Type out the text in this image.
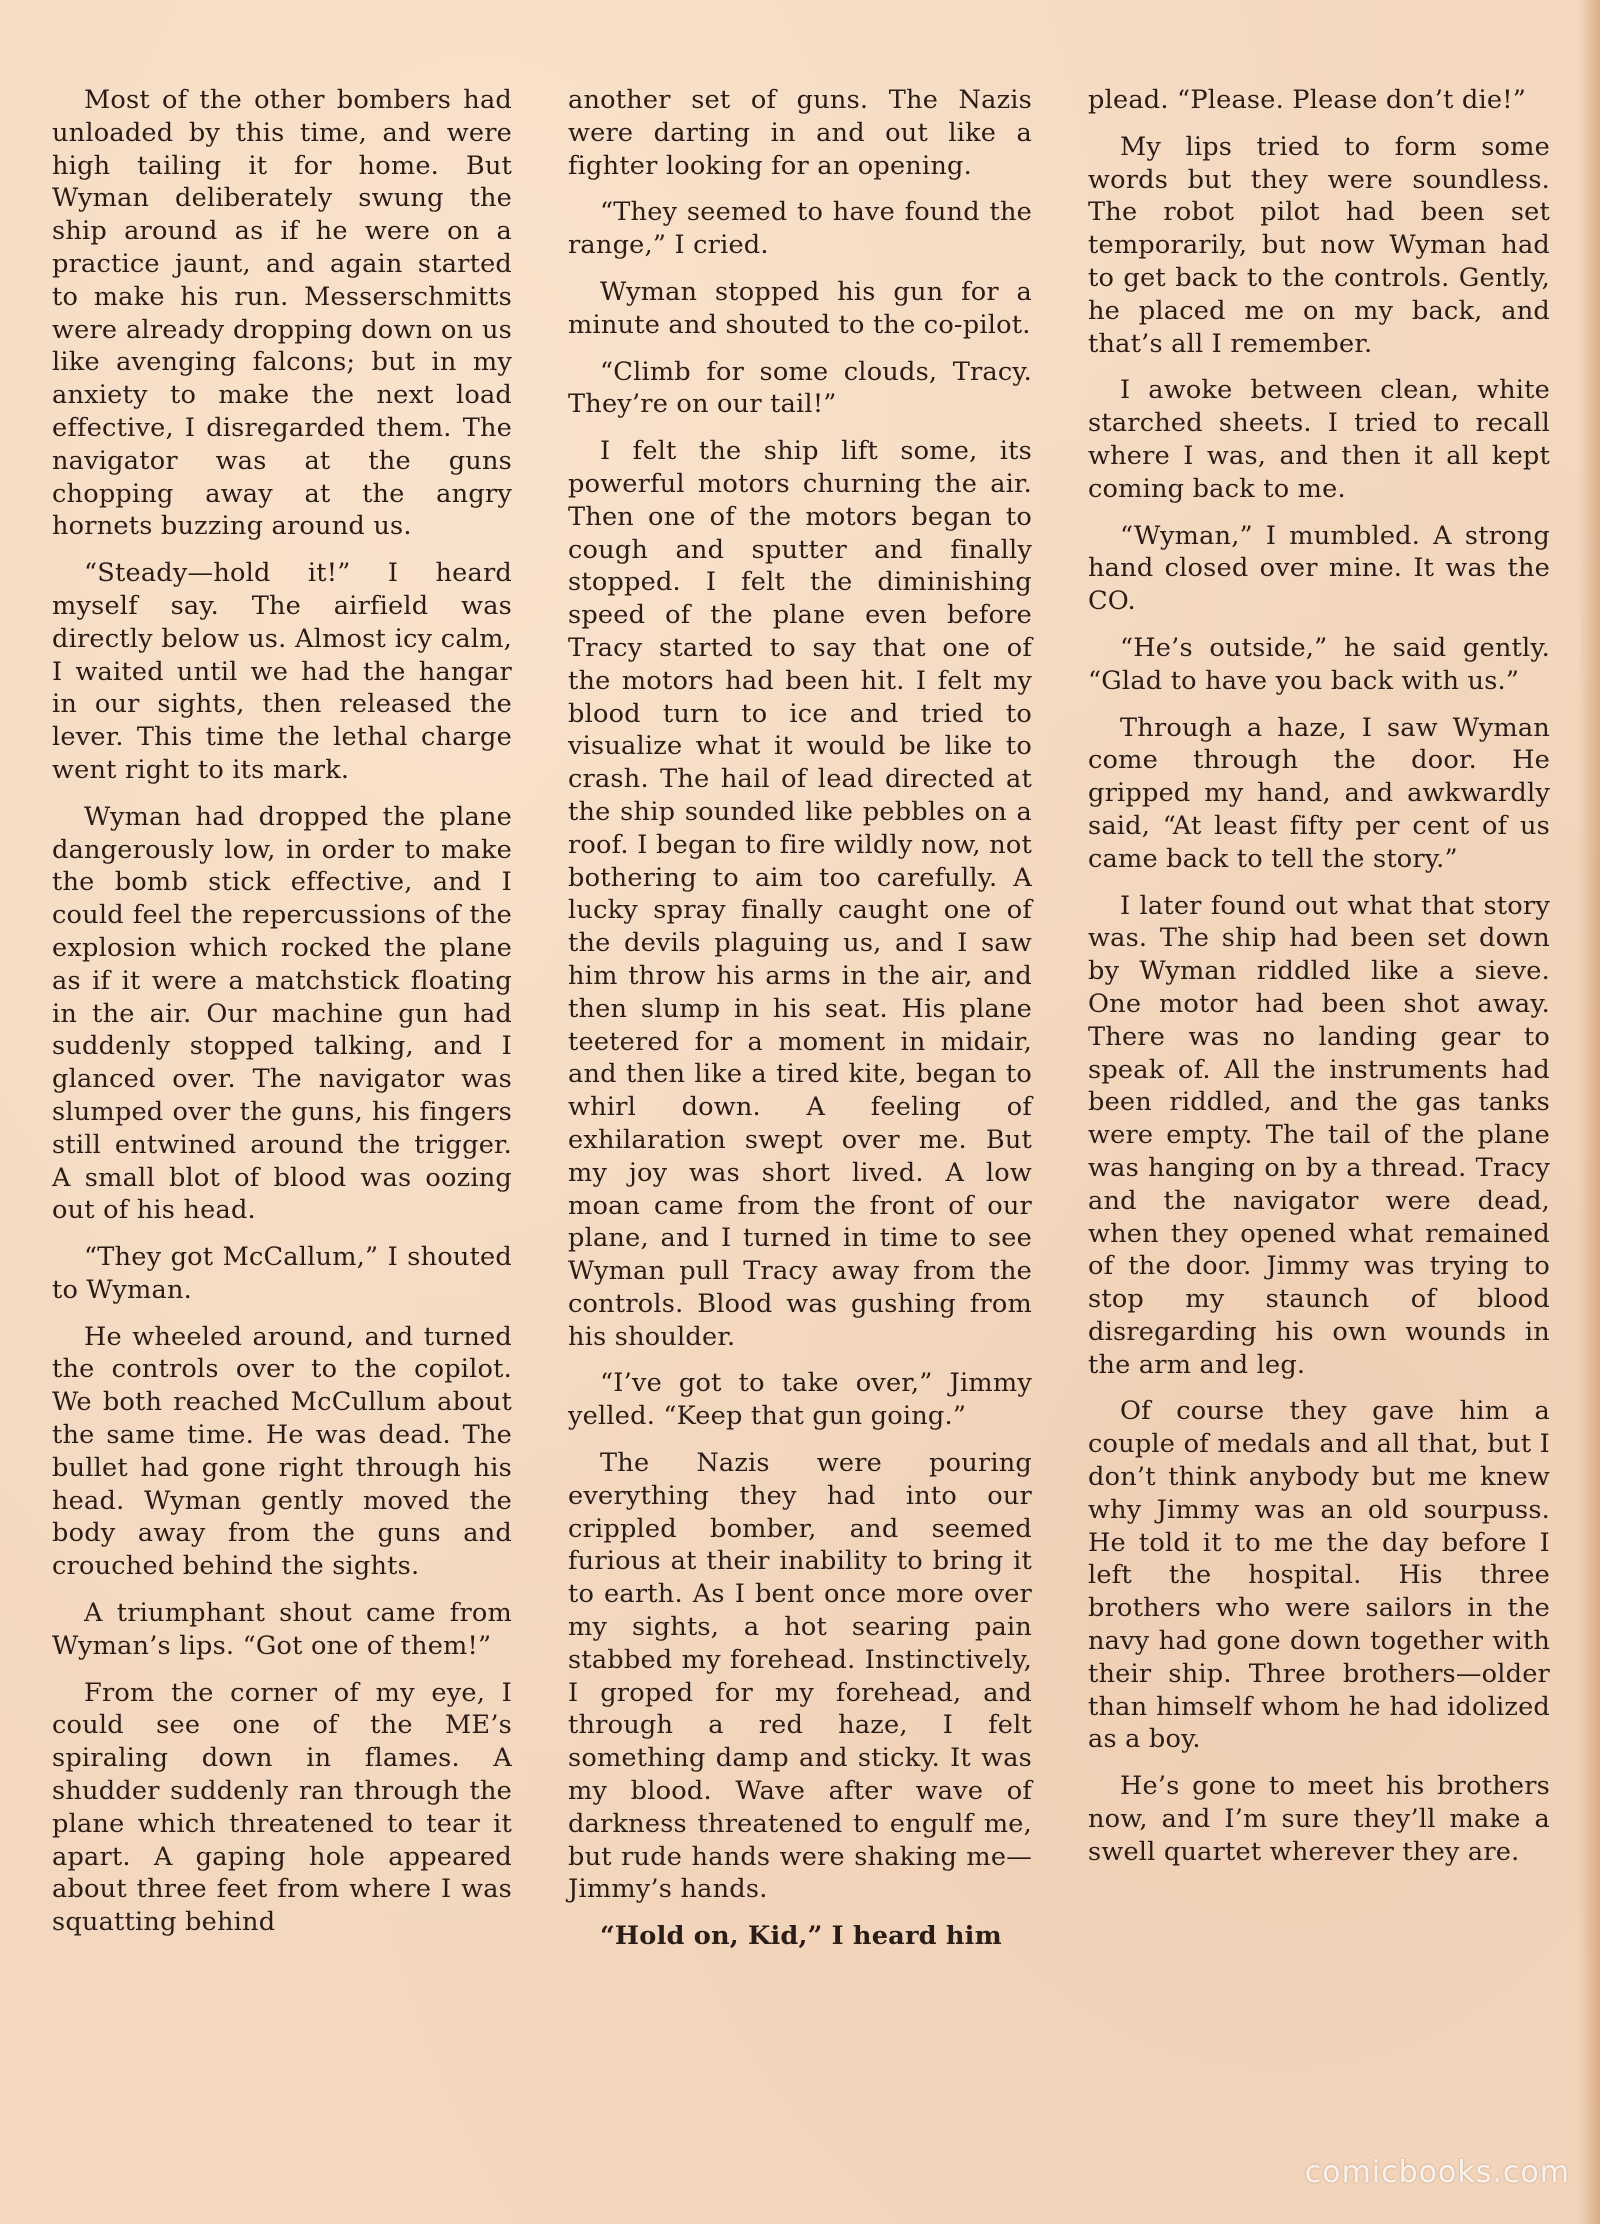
Most of the other bombers had unloaded by this time, and were high tailing it for home. But Wyman deliberately swung the ship around as if he were on a practice jaunt, and again started to make his run. Messerschmitts were already dropping down on us like avenging falcons; but in my anxiety to make the next load effective, I disregarded them. The navigator was at the guns chopping away at the angry hornets buzzing around us.

“Steady—hold it!” I heard myself say. The airfield was directly below us. Almost icy calm, I waited until we had the hangar in our sights, then released the lever. This time the lethal charge went right to its mark.

Wyman had dropped the plane dangerously low, in order to make the bomb stick effective, and I could feel the repercussions of the explosion which rocked the plane as if it were a matchstick floating in the air. Our machine gun had suddenly stopped talking, and I glanced over. The navigator was slumped over the guns, his fingers still entwined around the trigger. A small blot of blood was oozing out of his head.

“They got McCallum,” I shouted to Wyman.

He wheeled around, and turned the controls over to the copilot. We both reached McCullum about the same time. He was dead. The bullet had gone right through his head. Wyman gently moved the body away from the guns and crouched behind the sights.

A triumphant shout came from Wyman’s lips. “Got one of them!”

From the corner of my eye, I could see one of the ME’s spiraling down in flames. A shudder suddenly ran through the plane which threatened to tear it apart. A gaping hole appeared about three feet from where I was squatting behind

another set of guns. The Nazis were darting in and out like a fighter looking for an opening.

“They seemed to have found the range,” I cried.

Wyman stopped his gun for a minute and shouted to the co-pilot.

“Climb for some clouds, Tracy. They’re on our tail!”

I felt the ship lift some, its powerful motors churning the air. Then one of the motors began to cough and sputter and finally stopped. I felt the diminishing speed of the plane even before Tracy started to say that one of the motors had been hit. I felt my blood turn to ice and tried to visualize what it would be like to crash. The hail of lead directed at the ship sounded like pebbles on a roof. I began to fire wildly now, not bothering to aim too carefully. A lucky spray finally caught one of the devils plaguing us, and I saw him throw his arms in the air, and then slump in his seat. His plane teetered for a moment in midair, and then like a tired kite, began to whirl down. A feeling of exhilaration swept over me. But my joy was short lived. A low moan came from the front of our plane, and I turned in time to see Wyman pull Tracy away from the controls. Blood was gushing from his shoulder.

“I’ve got to take over,” Jimmy yelled. “Keep that gun going.”

The Nazis were pouring everything they had into our crippled bomber, and seemed furious at their inability to bring it to earth. As I bent once more over my sights, a hot searing pain stabbed my forehead. Instinctively, I groped for my forehead, and through a red haze, I felt something damp and sticky. It was my blood. Wave after wave of darkness threatened to engulf me, but rude hands were shaking me—Jimmy’s hands.

“Hold on, Kid,” I heard him

plead. “Please. Please don’t die!”

My lips tried to form some words but they were soundless. The robot pilot had been set temporarily, but now Wyman had to get back to the controls. Gently, he placed me on my back, and that’s all I remember.

I awoke between clean, white starched sheets. I tried to recall where I was, and then it all kept coming back to me.

“Wyman,” I mumbled. A strong hand closed over mine. It was the CO.

“He’s outside,” he said gently. “Glad to have you back with us.”

Through a haze, I saw Wyman come through the door. He gripped my hand, and awkwardly said, “At least fifty per cent of us came back to tell the story.”

I later found out what that story was. The ship had been set down by Wyman riddled like a sieve. One motor had been shot away. There was no landing gear to speak of. All the instruments had been riddled, and the gas tanks were empty. The tail of the plane was hanging on by a thread. Tracy and the navigator were dead, when they opened what remained of the door. Jimmy was trying to stop my staunch of blood disregarding his own wounds in the arm and leg.

Of course they gave him a couple of medals and all that, but I don’t think anybody but me knew why Jimmy was an old sourpuss. He told it to me the day before I left the hospital. His three brothers who were sailors in the navy had gone down together with their ship. Three brothers—older than himself whom he had idolized as a boy.

He’s gone to meet his brothers now, and I’m sure they’ll make a swell quartet wherever they are.

comicbooks.com
